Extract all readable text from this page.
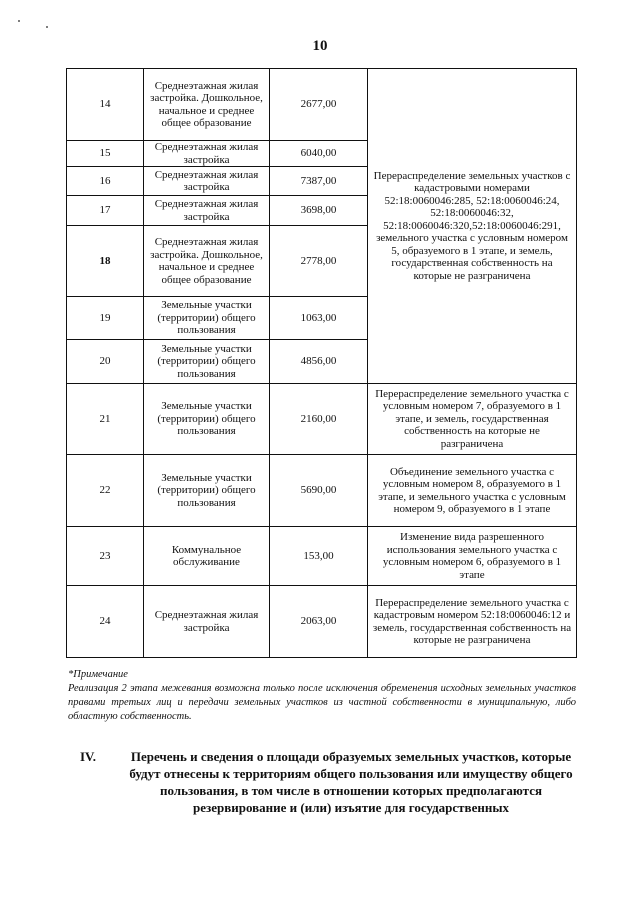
10
14	Среднеэтажная жилая застройка. Дошкольное, начальное и среднее общее образование	2677,00	Перераспределение земельных участков с кадастровыми номерами 52:18:0060046:285, 52:18:0060046:24, 52:18:0060046:32, 52:18:0060046:320,52:18:0060046:291, земельного участка с условным номером 5, образуемого в 1 этапе, и земель, государственная собственность на которые не разграничена
15	Среднеэтажная жилая застройка	6040,00	
16	Среднеэтажная жилая застройка	7387,00	
17	Среднеэтажная жилая застройка	3698,00	
18	Среднеэтажная жилая застройка. Дошкольное, начальное и среднее общее образование	2778,00	
19	Земельные участки (территории) общего пользования	1063,00	
20	Земельные участки (территории) общего пользования	4856,00	
21	Земельные участки (территории) общего пользования	2160,00	Перераспределение земельного участка с условным номером 7, образуемого в 1 этапе, и земель, государственная собственность на которые не разграничена
22	Земельные участки (территории) общего пользования	5690,00	Объединение земельного участка с условным номером 8, образуемого в 1 этапе, и земельного участка с условным номером 9, образуемого в 1 этапе
23	Коммунальное обслуживание	153,00	Изменение вида разрешенного использования земельного участка с условным номером 6, образуемого в 1 этапе
24	Среднеэтажная жилая застройка	2063,00	Перераспределение земельного участка с кадастровым номером 52:18:0060046:12 и земель, государственная собственность на которые не разграничена
*Примечание
Реализация 2 этапа межевания возможна только после исключения обременения исходных земельных участков правами третьих лиц и передачи земельных участков из частной собственности в муниципальную, либо областную собственность.
IV.	Перечень и сведения о площади образуемых земельных участков, которые будут отнесены к территориям общего пользования или имуществу общего пользования, в том числе в отношении которых предполагаются резервирование и (или) изъятие для государственных
